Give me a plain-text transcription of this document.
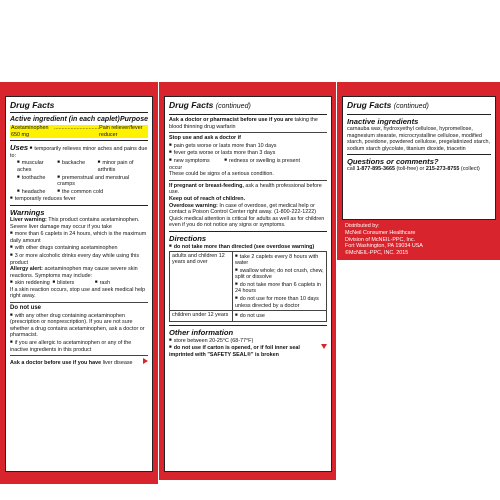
Drug Facts
Active ingredient (in each caplet) Purpose
Acetaminophen 650 mg
.............................. Pain reliever/fever reducer
Uses ■ temporarily relieves minor aches and pains due to:
■ muscular aches
■ backache	■ minor pain of arthritis
■ toothache	■ premenstrual and menstrual cramps
■ headache	■ the common cold
■ temporarily reduces fever
Warnings
Liver warning: This product contains acetaminophen. Severe liver damage may occur if you take
■ more than 6 caplets in 24 hours, which is the maximum daily amount
■ with other drugs containing acetaminophen
■ 3 or more alcoholic drinks every day while using this product
Allergy alert: acetaminophen may cause severe skin reactions. Symptoms may include:
■ skin reddening	■ blisters	■ rash
If a skin reaction occurs, stop use and seek medical help right away.
Do not use
■ with any other drug containing acetaminophen (prescription or nonprescription). If you are not sure whether a drug contains acetaminophen, ask a doctor or pharmacist.
■ if you are allergic to acetaminophen or any of the inactive ingredients in this product
Ask a doctor before use if you have liver disease
Drug Facts (continued)
Ask a doctor or pharmacist before use if you are taking the blood thinning drug warfarin
Stop use and ask a doctor if
■ pain gets worse or lasts more than 10 days
■ fever gets worse or lasts more than 3 days
■ new symptoms occur
■ redness or swelling is present
These could be signs of a serious condition.
If pregnant or breast-feeding, ask a health professional before use.
Keep out of reach of children.
Overdose warning: In case of overdose, get medical help or contact a Poison Control Center right away. (1-800-222-1222) Quick medical attention is critical for adults as well as for children even if you do not notice any signs or symptoms.
Directions
■ do not take more than directed (see overdose warning)
adults and children 12 years and over	■ take 2 caplets every 8 hours with water
■ swallow whole; do not crush, chew, split or dissolve
■ do not take more than 6 caplets in 24 hours
■ do not use for more than 10 days unless directed by a doctor

children under 12 years	■ do not use
Other information
■ store between 20-25°C (68-77°F)
■ do not use if carton is opened, or if foil inner seal imprinted with "SAFETY SEAL®" is broken
Drug Facts (continued)
Inactive ingredients
carnauba wax, hydroxyethyl cellulose, hypromellose, magnesium stearate, microcrystalline cellulose, modified starch, povidone, powdered cellulose, pregelatinized starch, sodium starch glycolate, titanium dioxide, triacetin
Questions or comments?
call 1-877-895-3665 (toll-free) or 215-273-8755 (collect)
Distributed by:
McNeil Consumer Healthcare
Division of McNEIL-PPC, Inc.
Fort Washington, PA 19034 USA
©McNEIL-PPC, INC. 2015
